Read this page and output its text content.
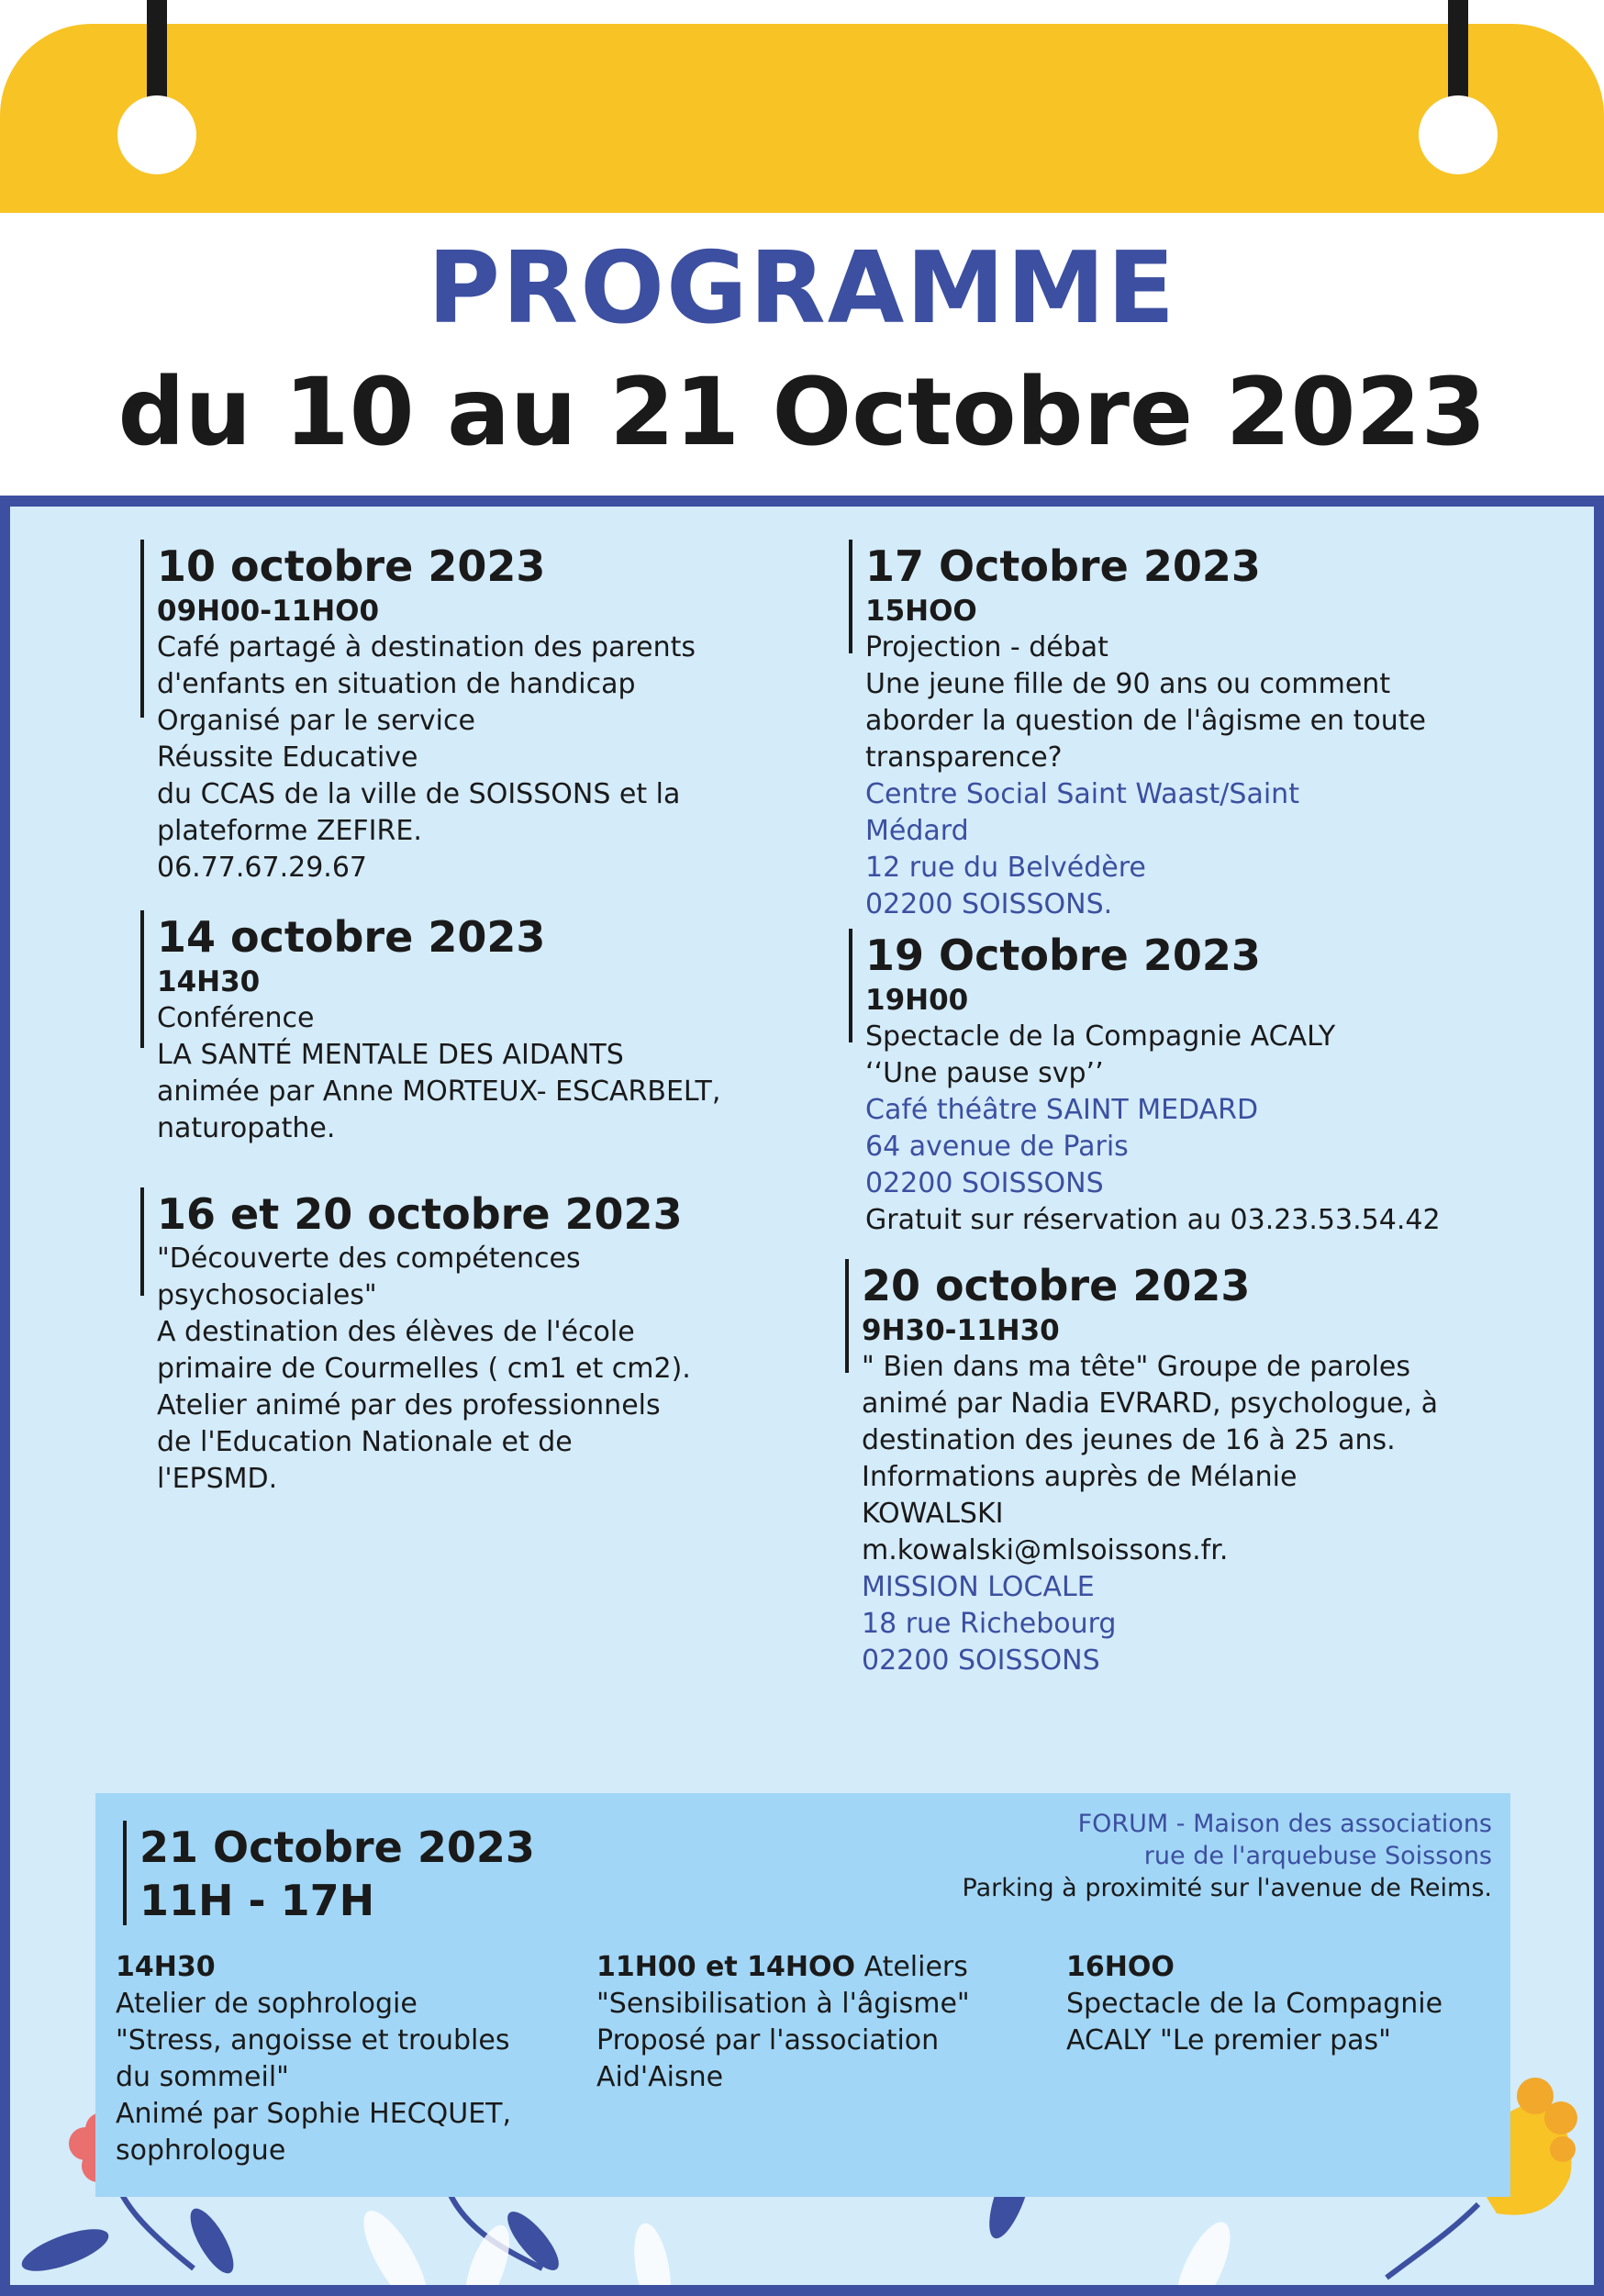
PROGRAMME
du 10 au 21 Octobre 2023
10 octobre 2023
09H00-11HO0
Café partagé à destination des parents
d'enfants en situation de handicap
Organisé par le service
Réussite Educative
du CCAS de la ville de SOISSONS et la
plateforme ZEFIRE.
06.77.67.29.67
14 octobre 2023
14H30
Conférence
LA SANTÉ MENTALE DES AIDANTS
animée par Anne MORTEUX- ESCARBELT,
naturopathe.
16 et 20 octobre 2023
"Découverte des compétences
psychosociales"
A destination des élèves de l'école
primaire de Courmelles ( cm1 et cm2).
Atelier animé par des professionnels
de l'Education Nationale et de
l'EPSMD.
17 Octobre 2023
15HOO
Projection - débat
Une jeune fille de 90 ans ou comment
aborder la question de l'âgisme en toute
transparence?
Centre Social Saint Waast/Saint
Médard
12 rue du Belvédère
02200 SOISSONS.
19 Octobre 2023
19H00
Spectacle de la Compagnie ACALY
‘‘Une pause svp’’
Café théâtre SAINT MEDARD
64 avenue de Paris
02200 SOISSONS
Gratuit sur réservation au 03.23.53.54.42
20 octobre 2023
9H30-11H30
" Bien dans ma tête" Groupe de paroles
animé par Nadia EVRARD, psychologue, à
destination des jeunes de 16 à 25 ans.
Informations auprès de Mélanie
KOWALSKI
m.kowalski@mlsoissons.fr.
MISSION LOCALE
18 rue Richebourg
02200 SOISSONS
21 Octobre 2023
11H - 17H
FORUM - Maison des associations
rue de l'arquebuse Soissons
Parking à proximité sur l'avenue de Reims.
14H30
Atelier de sophrologie
"Stress, angoisse et troubles
du sommeil"
Animé par Sophie HECQUET,
sophrologue
11H00 et 14HOO Ateliers
"Sensibilisation à l'âgisme"
Proposé par l'association
Aid'Aisne
16HOO
Spectacle de la Compagnie
ACALY "Le premier pas"
